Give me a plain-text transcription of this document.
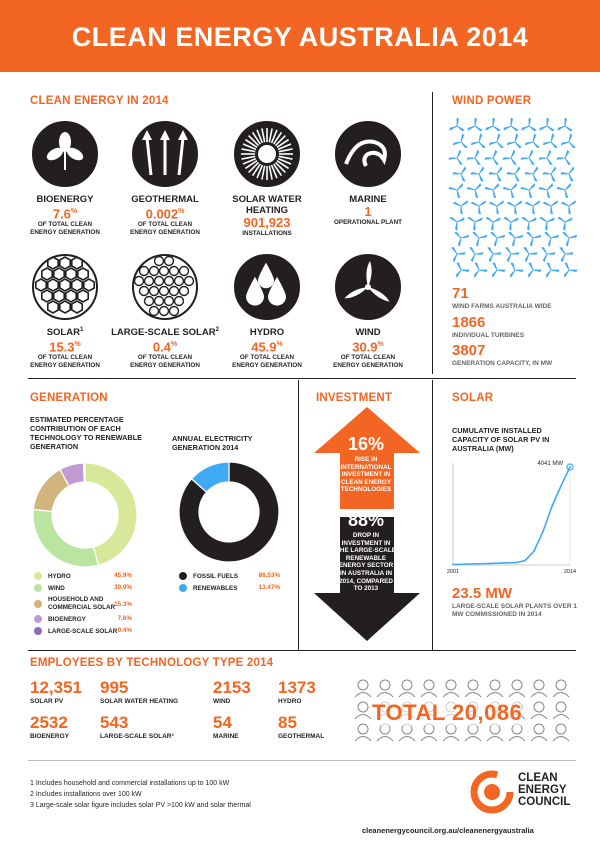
CLEAN ENERGY AUSTRALIA 2014
CLEAN ENERGY IN 2014
BIOENERGY
7.6%
OF TOTAL CLEAN ENERGY GENERATION
GEOTHERMAL
0.002%
OF TOTAL CLEAN ENERGY GENERATION
SOLAR WATER HEATING
901,923
INSTALLATIONS
MARINE
1
OPERATIONAL PLANT
SOLAR$^1$
15.3%
OF TOTAL CLEAN ENERGY GENERATION
LARGE-SCALE SOLAR$^2$
0.4%
OF TOTAL CLEAN ENERGY GENERATION
HYDRO
45.9%
OF TOTAL CLEAN ENERGY GENERATION
WIND
30.9%
OF TOTAL CLEAN ENERGY GENERATION
WIND POWER
71
WIND FARMS AUSTRALIA WIDE
1866
INDIVIDUAL TURBINES
3807
GENERATION CAPACITY, IN MW
GENERATION
ESTIMATED PERCENTAGE CONTRIBUTION OF EACH TECHNOLOGY TO RENEWABLE GENERATION
ANNUAL ELECTRICITY GENERATION 2014
HYDRO	45.9%
WIND	30.9%
HOUSEHOLD AND COMMERCIAL SOLAR 15.3%
BIOENERGY	7.6%
LARGE-SCALE SOLAR 0.4%
FOSSIL FUELS	86.53%
RENEWABLES	13.47%
INVESTMENT
16%
RISE IN INTERNATIONAL INVESTMENT IN CLEAN ENERGY TECHNOLOGIES
88%
DROP IN INVESTMENT IN THE LARGE-SCALE RENEWABLE ENERGY SECTOR IN AUSTRALIA IN 2014, COMPARED TO 2013
SOLAR
CUMULATIVE INSTALLED CAPACITY OF SOLAR PV IN AUSTRALIA (MW)
4041 MW
2001	2014
23.5 MW
LARGE-SCALE SOLAR PLANTS OVER 1 MW COMMISSIONED IN 2014
EMPLOYEES BY TECHNOLOGY TYPE 2014
12,351
SOLAR PV
995
SOLAR WATER HEATING
2153
WIND
1373
HYDRO
2532
BIOENERGY
543
LARGE-SCALE SOLAR³
54
MARINE
85
GEOTHERMAL
TOTAL 20,086
1 Includes household and commercial installations up to 100 kW
2 Includes installations over 100 kW
3 Large-scale solar figure includes solar PV >100 kW and solar thermal
CLEAN
ENERGY
COUNCIL
cleanenergycouncil.org.au/cleanenergyaustralia
